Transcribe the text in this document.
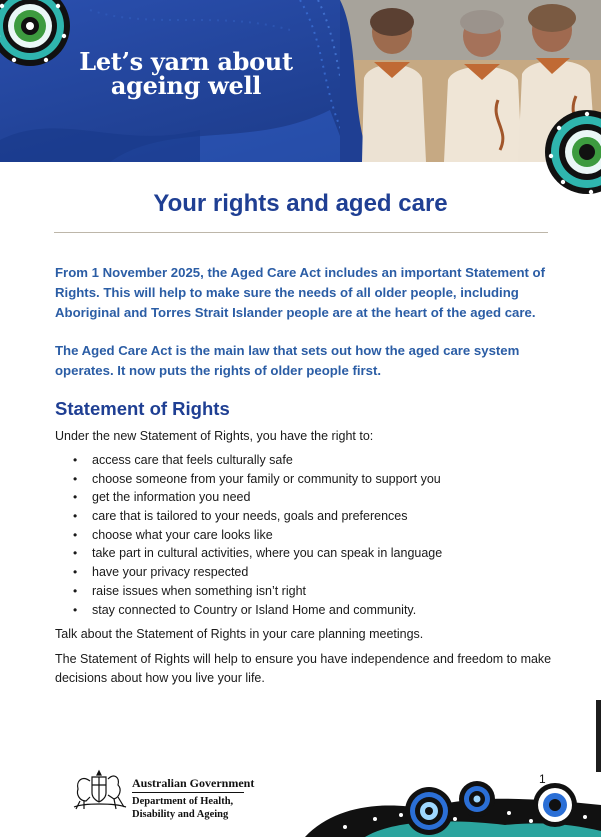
Let’s yarn about
ageing well
Your rights and aged care

From 1 November 2025, the Aged Care Act includes an important Statement of Rights. This will help to make sure the needs of all older people, including Aboriginal and Torres Strait Islander people are at the heart of the aged care.

The Aged Care Act is the main law that sets out how the aged care system operates. It now puts the rights of older people first.

Statement of Rights

Under the new Statement of Rights, you have the right to:

• access care that feels culturally safe
• choose someone from your family or community to support you
• get the information you need
• care that is tailored to your needs, goals and preferences
• choose what your care looks like
• take part in cultural activities, where you can speak in language
• have your privacy respected
• raise issues when something isn’t right
• stay connected to Country or Island Home and community.

Talk about the Statement of Rights in your care planning meetings.

The Statement of Rights will help to ensure you have independence and freedom to make decisions about how you live your life.

Australian Government
Department of Health,
Disability and Ageing
1
